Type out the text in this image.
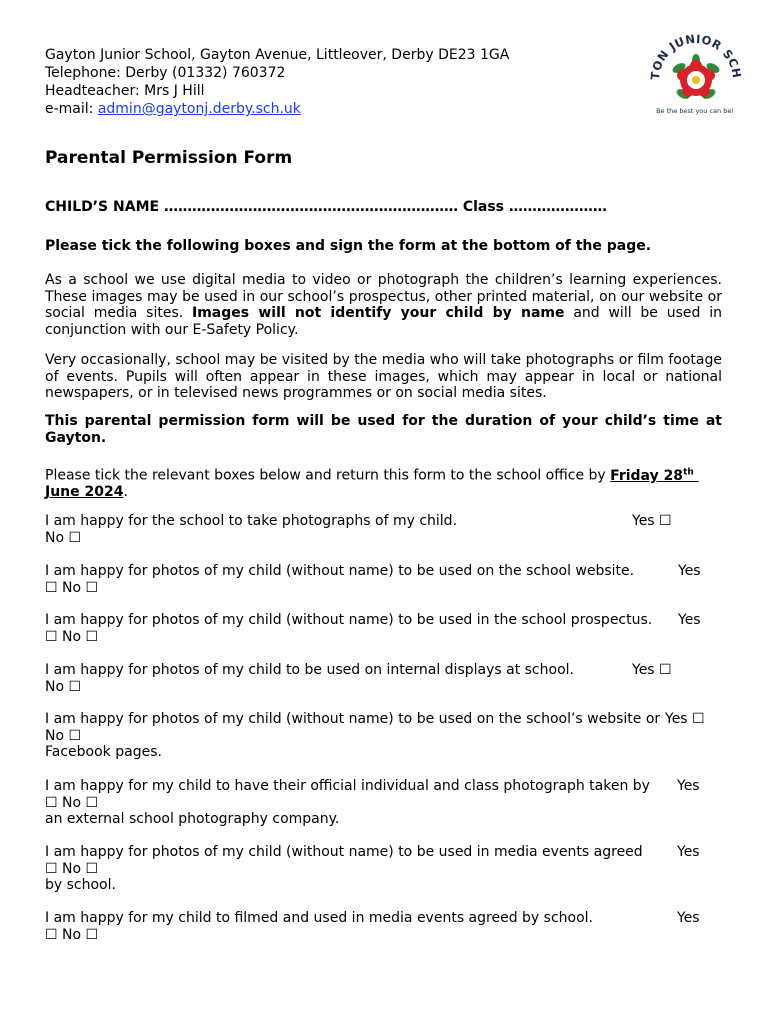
Gayton Junior School, Gayton Avenue, Littleover, Derby DE23 1GA
Telephone: Derby (01332) 760372
Headteacher: Mrs J Hill
e-mail: admin@gaytonj.derby.sch.uk
TON JUNIOR SCH
Be the best you can be!
Parental Permission Form
CHILD’S NAME ……………………………………………………… Class …………………
Please tick the following boxes and sign the form at the bottom of the page.
As a school we use digital media to video or photograph the children’s learning experiences. These images may be used in our school’s prospectus, other printed material, on our website or social media sites. Images will not identify your child by name and will be used in conjunction with our E-Safety Policy.
Very occasionally, school may be visited by the media who will take photographs or film footage of events. Pupils will often appear in these images, which may appear in local or national newspapers, or in televised news programmes or on social media sites.
This parental permission form will be used for the duration of your child’s time at Gayton.
Please tick the relevant boxes below and return this form to the school office by Friday 28th
June 2024.
I am happy for the school to take photographs of my child.	Yes ☐
No ☐
I am happy for photos of my child (without name) to be used on the school website.	Yes
☐ No ☐
I am happy for photos of my child (without name) to be used in the school prospectus. Yes
☐ No ☐
I am happy for photos of my child to be used on internal displays at school.	Yes ☐
No ☐
I am happy for photos of my child (without name) to be used on the school’s website or Yes ☐
No ☐
Facebook pages.
I am happy for my child to have their official individual and class photograph taken by Yes
☐ No ☐
an external school photography company.
I am happy for photos of my child (without name) to be used in media events agreed Yes
☐ No ☐
by school.
I am happy for my child to filmed and used in media events agreed by school.	Yes
☐ No ☐
